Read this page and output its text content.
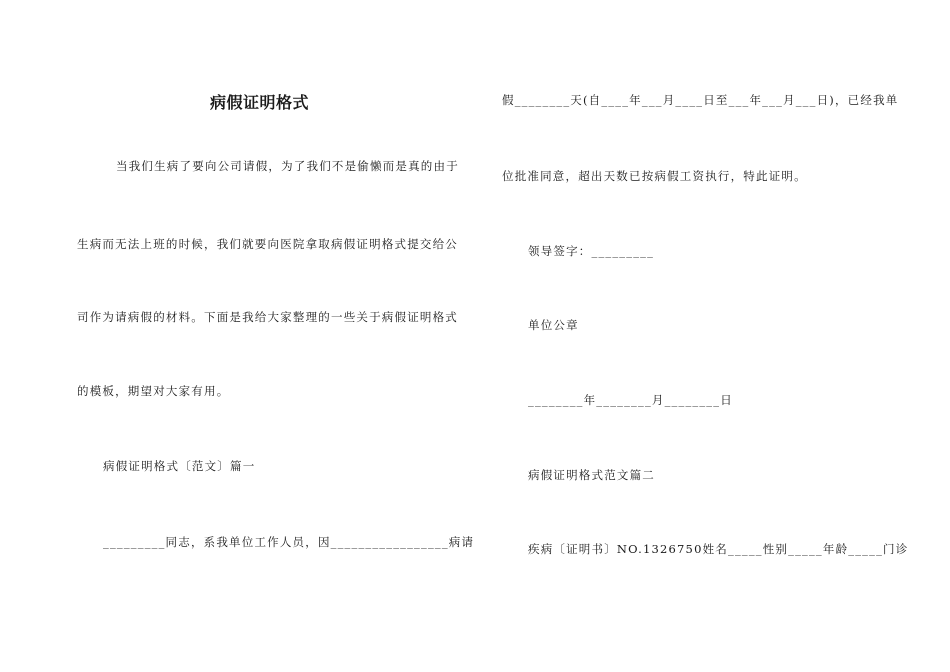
病假证明格式
当我们生病了要向公司请假，为了我们不是偷懒而是真的由于
生病而无法上班的时候，我们就要向医院拿取病假证明格式提交给公
司作为请病假的材料。下面是我给大家整理的一些关于病假证明格式
的模板，期望对大家有用。
病假证明格式〔范文〕篇一
_________同志，系我单位工作人员，因_________________病请
假________天(自____年___月____日至___年___月___日)，已经我单
位批准同意，超出天数已按病假工资执行，特此证明。
领导签字：_________
单位公章
________年________月________日
病假证明格式范文篇二
疾病〔证明书〕NO.1326750姓名_____性别_____年龄_____门诊
